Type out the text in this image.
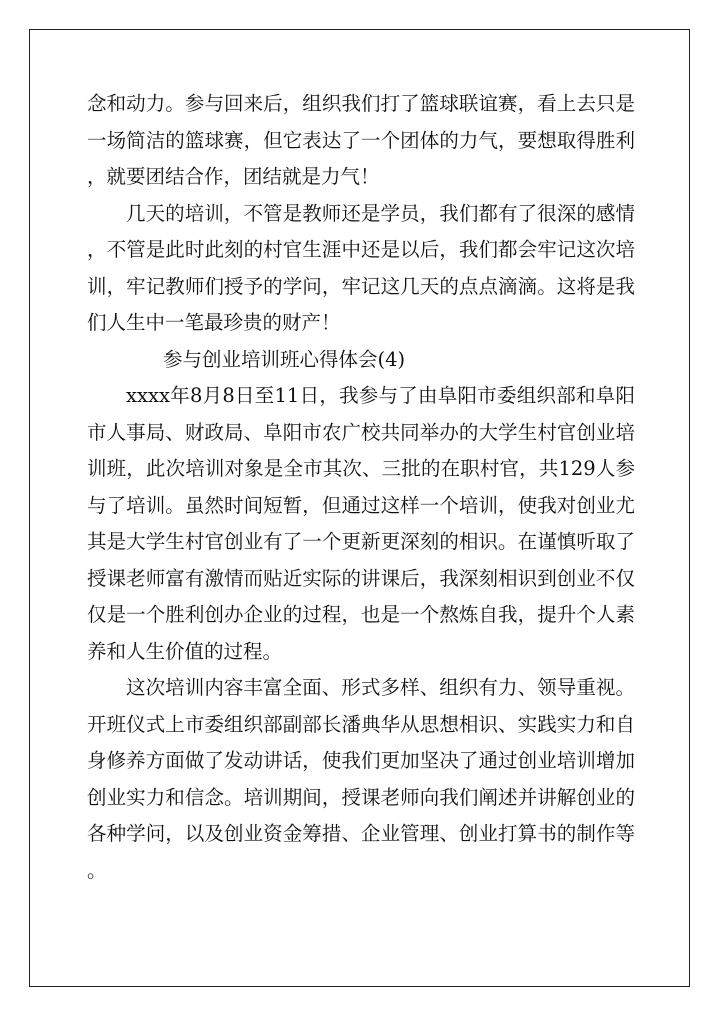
念和动力。参与回来后，组织我们打了篮球联谊赛，看上去只是一场简洁的篮球赛，但它表达了一个团体的力气，要想取得胜利，就要团结合作，团结就是力气！

几天的培训，不管是教师还是学员，我们都有了很深的感情，不管是此时此刻的村官生涯中还是以后，我们都会牢记这次培训，牢记教师们授予的学问，牢记这几天的点点滴滴。这将是我们人生中一笔最珍贵的财产！

参与创业培训班心得体会(4)

xxxx年8月8日至11日，我参与了由阜阳市委组织部和阜阳市人事局、财政局、阜阳市农广校共同举办的大学生村官创业培训班，此次培训对象是全市其次、三批的在职村官，共129人参与了培训。虽然时间短暂，但通过这样一个培训，使我对创业尤其是大学生村官创业有了一个更新更深刻的相识。在谨慎听取了授课老师富有激情而贴近实际的讲课后，我深刻相识到创业不仅仅是一个胜利创办企业的过程，也是一个熬炼自我，提升个人素养和人生价值的过程。

这次培训内容丰富全面、形式多样、组织有力、领导重视。开班仪式上市委组织部副部长潘典华从思想相识、实践实力和自身修养方面做了发动讲话，使我们更加坚决了通过创业培训增加创业实力和信念。培训期间，授课老师向我们阐述并讲解创业的各种学问，以及创业资金筹措、企业管理、创业打算书的制作等。
